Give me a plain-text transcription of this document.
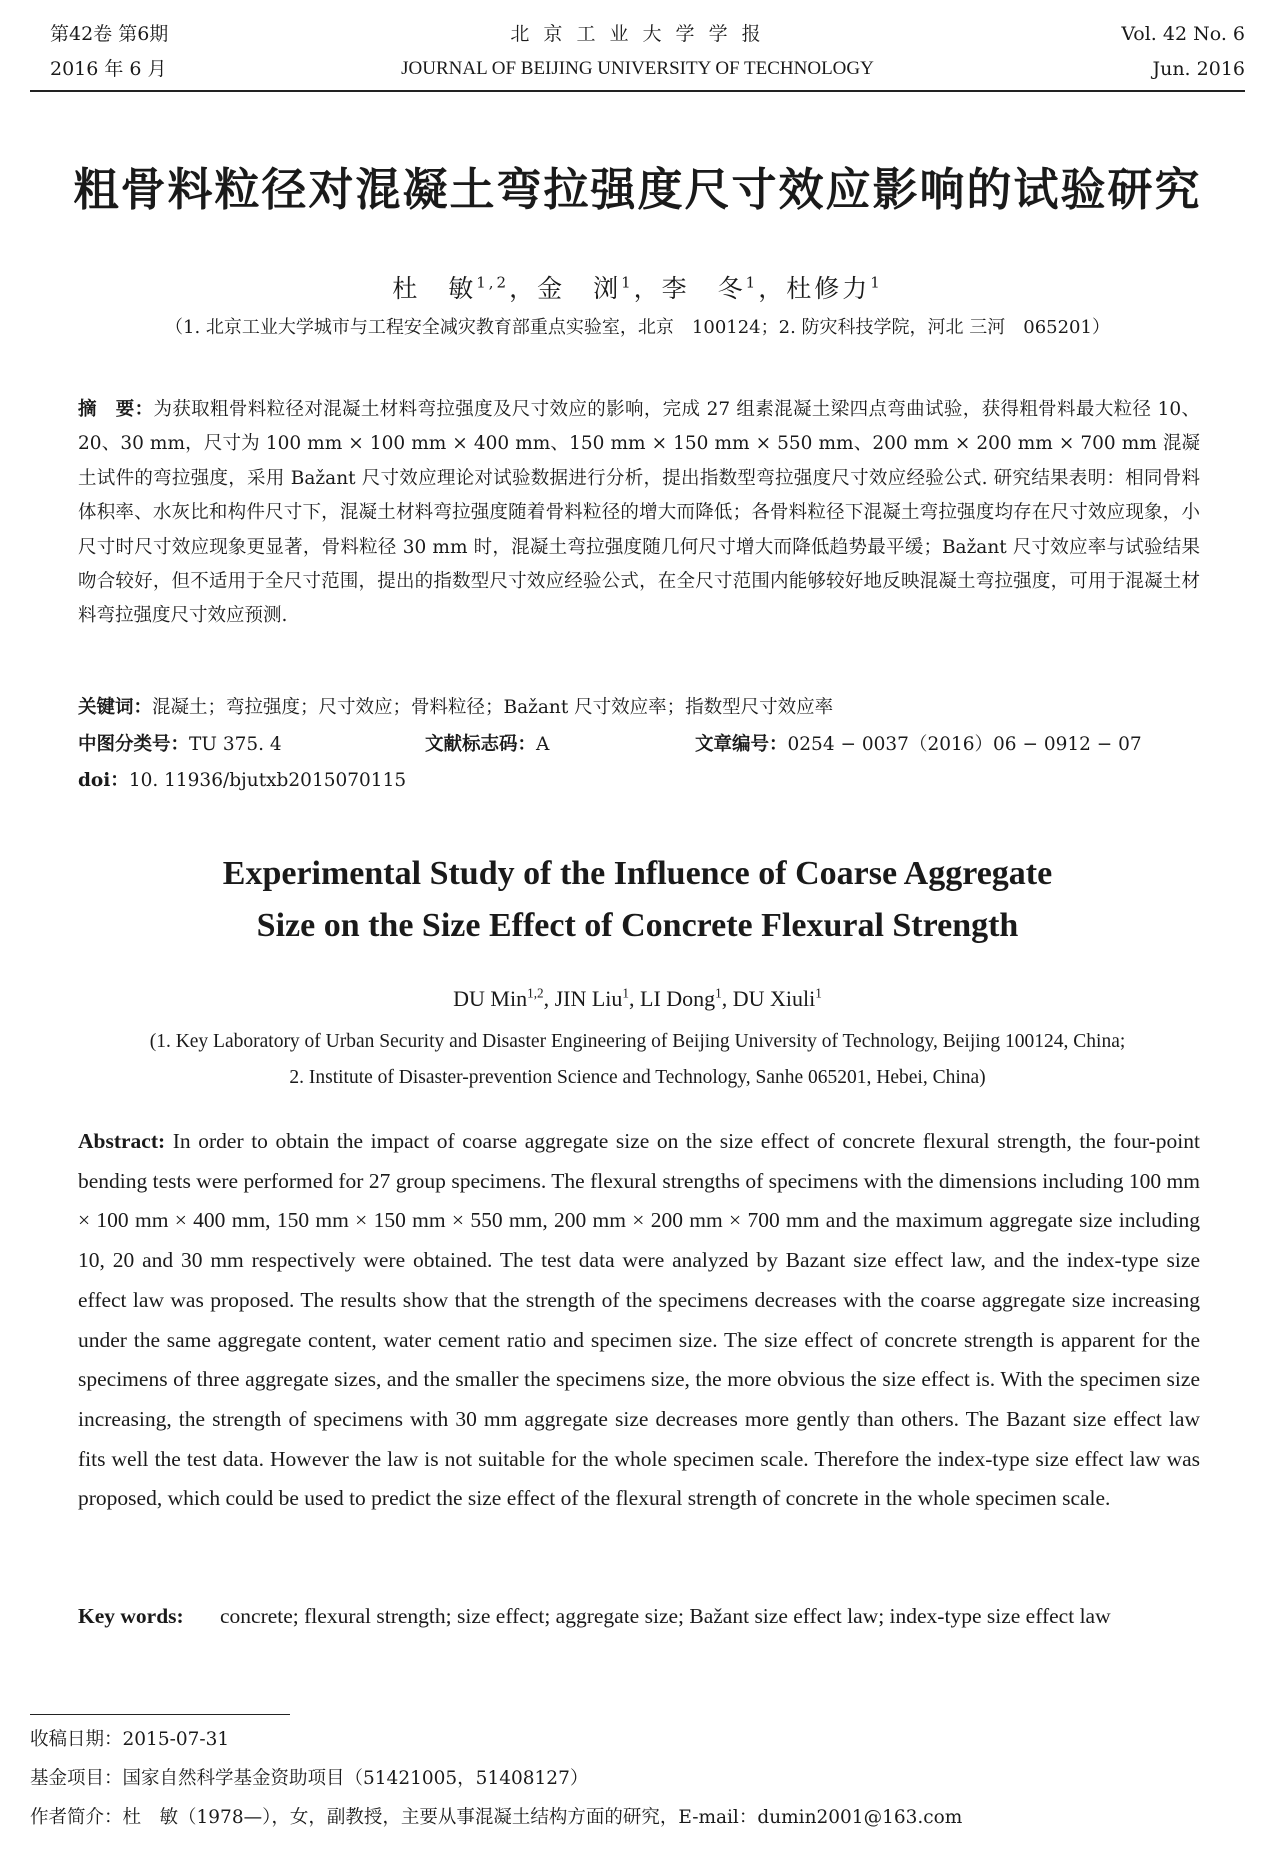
第42卷 第6期	北 京 工 业 大 学 学 报	Vol. 42 No. 6
2016 年 6 月	JOURNAL OF BEIJING UNIVERSITY OF TECHNOLOGY	Jun. 2016
粗骨料粒径对混凝土弯拉强度尺寸效应影响的试验研究
杜　敏$^{1,2}$，金　浏$^1$，李　冬$^1$，杜修力$^1$
（1. 北京工业大学城市与工程安全减灾教育部重点实验室，北京　100124；2. 防灾科技学院，河北 三河　065201）
摘　要：为获取粗骨料粒径对混凝土材料弯拉强度及尺寸效应的影响，完成 27 组素混凝土梁四点弯曲试验，获得粗骨料最大粒径 10、20、30 mm，尺寸为 100 mm × 100 mm × 400 mm、150 mm × 150 mm × 550 mm、200 mm × 200 mm × 700 mm 混凝土试件的弯拉强度，采用 Bažant 尺寸效应理论对试验数据进行分析，提出指数型弯拉强度尺寸效应经验公式. 研究结果表明：相同骨料体积率、水灰比和构件尺寸下，混凝土材料弯拉强度随着骨料粒径的增大而降低；各骨料粒径下混凝土弯拉强度均存在尺寸效应现象，小尺寸时尺寸效应现象更显著，骨料粒径 30 mm 时，混凝土弯拉强度随几何尺寸增大而降低趋势最平缓；Bažant 尺寸效应率与试验结果吻合较好，但不适用于全尺寸范围，提出的指数型尺寸效应经验公式，在全尺寸范围内能够较好地反映混凝土弯拉强度，可用于混凝土材料弯拉强度尺寸效应预测.
关键词：混凝土；弯拉强度；尺寸效应；骨料粒径；Bažant 尺寸效应率；指数型尺寸效应率
中图分类号：TU 375. 4	文献标志码：A	文章编号：0254 − 0037（2016）06 − 0912 − 07
doi：10. 11936/bjutxb2015070115
Experimental Study of the Influence of Coarse Aggregate
Size on the Size Effect of Concrete Flexural Strength
DU Min$^{1,2}$, JIN Liu$^1$, LI Dong$^1$, DU Xiuli$^1$
(1. Key Laboratory of Urban Security and Disaster Engineering of Beijing University of Technology, Beijing 100124, China;
2. Institute of Disaster-prevention Science and Technology, Sanhe 065201, Hebei, China)
Abstract: In order to obtain the impact of coarse aggregate size on the size effect of concrete flexural strength, the four-point bending tests were performed for 27 group specimens. The flexural strengths of specimens with the dimensions including 100 mm × 100 mm × 400 mm, 150 mm × 150 mm × 550 mm, 200 mm × 200 mm × 700 mm and the maximum aggregate size including 10, 20 and 30 mm respectively were obtained. The test data were analyzed by Bazant size effect law, and the index-type size effect law was proposed. The results show that the strength of the specimens decreases with the coarse aggregate size increasing under the same aggregate content, water cement ratio and specimen size. The size effect of concrete strength is apparent for the specimens of three aggregate sizes, and the smaller the specimens size, the more obvious the size effect is. With the specimen size increasing, the strength of specimens with 30 mm aggregate size decreases more gently than others. The Bazant size effect law fits well the test data. However the law is not suitable for the whole specimen scale. Therefore the index-type size effect law was proposed, which could be used to predict the size effect of the flexural strength of concrete in the whole specimen scale.
Key words: concrete; flexural strength; size effect; aggregate size; Bažant size effect law; index-type size effect law
收稿日期：2015-07-31
基金项目：国家自然科学基金资助项目（51421005，51408127）
作者简介：杜　敏（1978—），女，副教授，主要从事混凝土结构方面的研究，E-mail：dumin2001@163.com
